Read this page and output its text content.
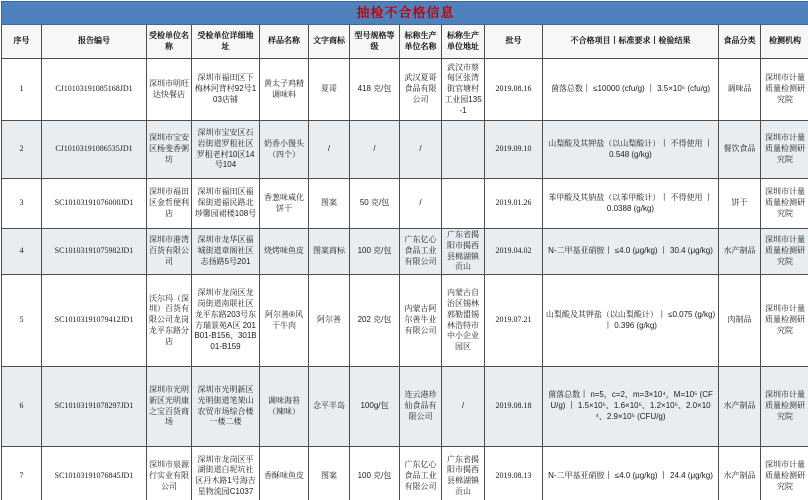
抽检不合格信息												
序号	报告编号	受检单位名称	受检单位详细地址	样品名称	文字商标	型号规格等级	标称生产单位名称	标称生产单位地址	批号	不合格项目丨标准要求丨检验结果	食品分类	检测机构
1	CJ10103191085168JD1	深圳市明旺达快餐店	深圳市福田区下梅林河背村92号103店铺	黄太子鸡精调味料	夏哥	418 克/包	武汉夏哥食品有限公司	武汉市蔡甸区张湾街官塘村工业园135-1	2019.08.16	菌落总数丨 ≤10000 (cfu/g) 丨 3.5×10⁵ (cfu/g)	调味品	深圳市计量质量检测研究院
2	CJ10103191086535JD1	深圳市宝安区杨斐香粥坊	深圳市宝安区石岩街道罗租社区罗租老村10区14号104	奶香小馒头（四个）	/	/	/		2019.09.10	山梨酸及其钾盐（以山梨酸计）丨 不得使用 丨 0.548 (g/kg)	餐饮食品	深圳市计量质量检测研究院
3	SC10103191076000JD1	深圳市福田区金哲便利店	深圳市福田区福保街道福民路北埗馨园裙楼108号	香葱味咸化饼干	图案	50 克/包	/		2019.01.26	苯甲酸及其钠盐（以苯甲酸计）丨 不得使用 丨 0.0388 (g/kg)	饼干	深圳市计量质量检测研究院
4	SC10103191075982JD1	深圳市港湾百货有限公司	深圳市龙华区福城街道章阁社区志扬路5号201	烧烤味鱼皮	图案商标	100 克/包	广东亿心食品工业有限公司	广东省揭阳市揭西县棉湖镇贡山	2019.04.02	N-二甲基亚硝胺丨 ≤4.0 (μg/kg) 丨 30.4 (μg/kg)	水产制品	深圳市计量质量检测研究院
5	SC10103191079412JD1	沃尔玛（深圳）百货有限公司龙岗龙平东路分店	深圳市龙岗区龙岗街道南联社区龙平东路203号东方瑞景苑A区 201B01-B156、301B01-B159	阿尔善®风干牛肉	阿尔善	202 克/包	内蒙古阿尔善牛业有限公司	内蒙古自治区锡林郭勒盟锡林浩特市中小企业园区	2019.07.21	山梨酸及其钾盐（以山梨酸计）丨 ≤0.075 (g/kg) 丨 0.396 (g/kg)	肉制品	深圳市计量质量检测研究院
6	SC10103191078297JD1	深圳市光明新区光明康之宝百货商场	深圳市光明新区光明街道笔架山农贸市场综合楼一楼二楼	调味海苔（辣味）	念平半岛	100g/包	连云港珍仙食品有限公司	/	2019.08.18	菌落总数丨 n=5，c=2，m=3×10⁴，M=10⁵ (CFU/g) 丨 1.5×10⁵、1.6×10⁵、1.2×10⁵、2.0×10⁴、2.9×10⁵ (CFU/g)	水产制品	深圳市计量质量检测研究院
7	SC10103191076845JD1	深圳市泉源行实业有限公司	深圳市龙岗区平湖街道白坭坑社区丹木路1号海吉星物流园C1037	香酥味鱼皮	图案	100 克/包	广东亿心食品工业有限公司	广东省揭阳市揭西县棉湖镇贡山	2019.08.13	N-二甲基亚硝胺丨 ≤4.0 (μg/kg) 丨 24.4 (μg/kg)	水产制品	深圳市计量质量检测研究院
